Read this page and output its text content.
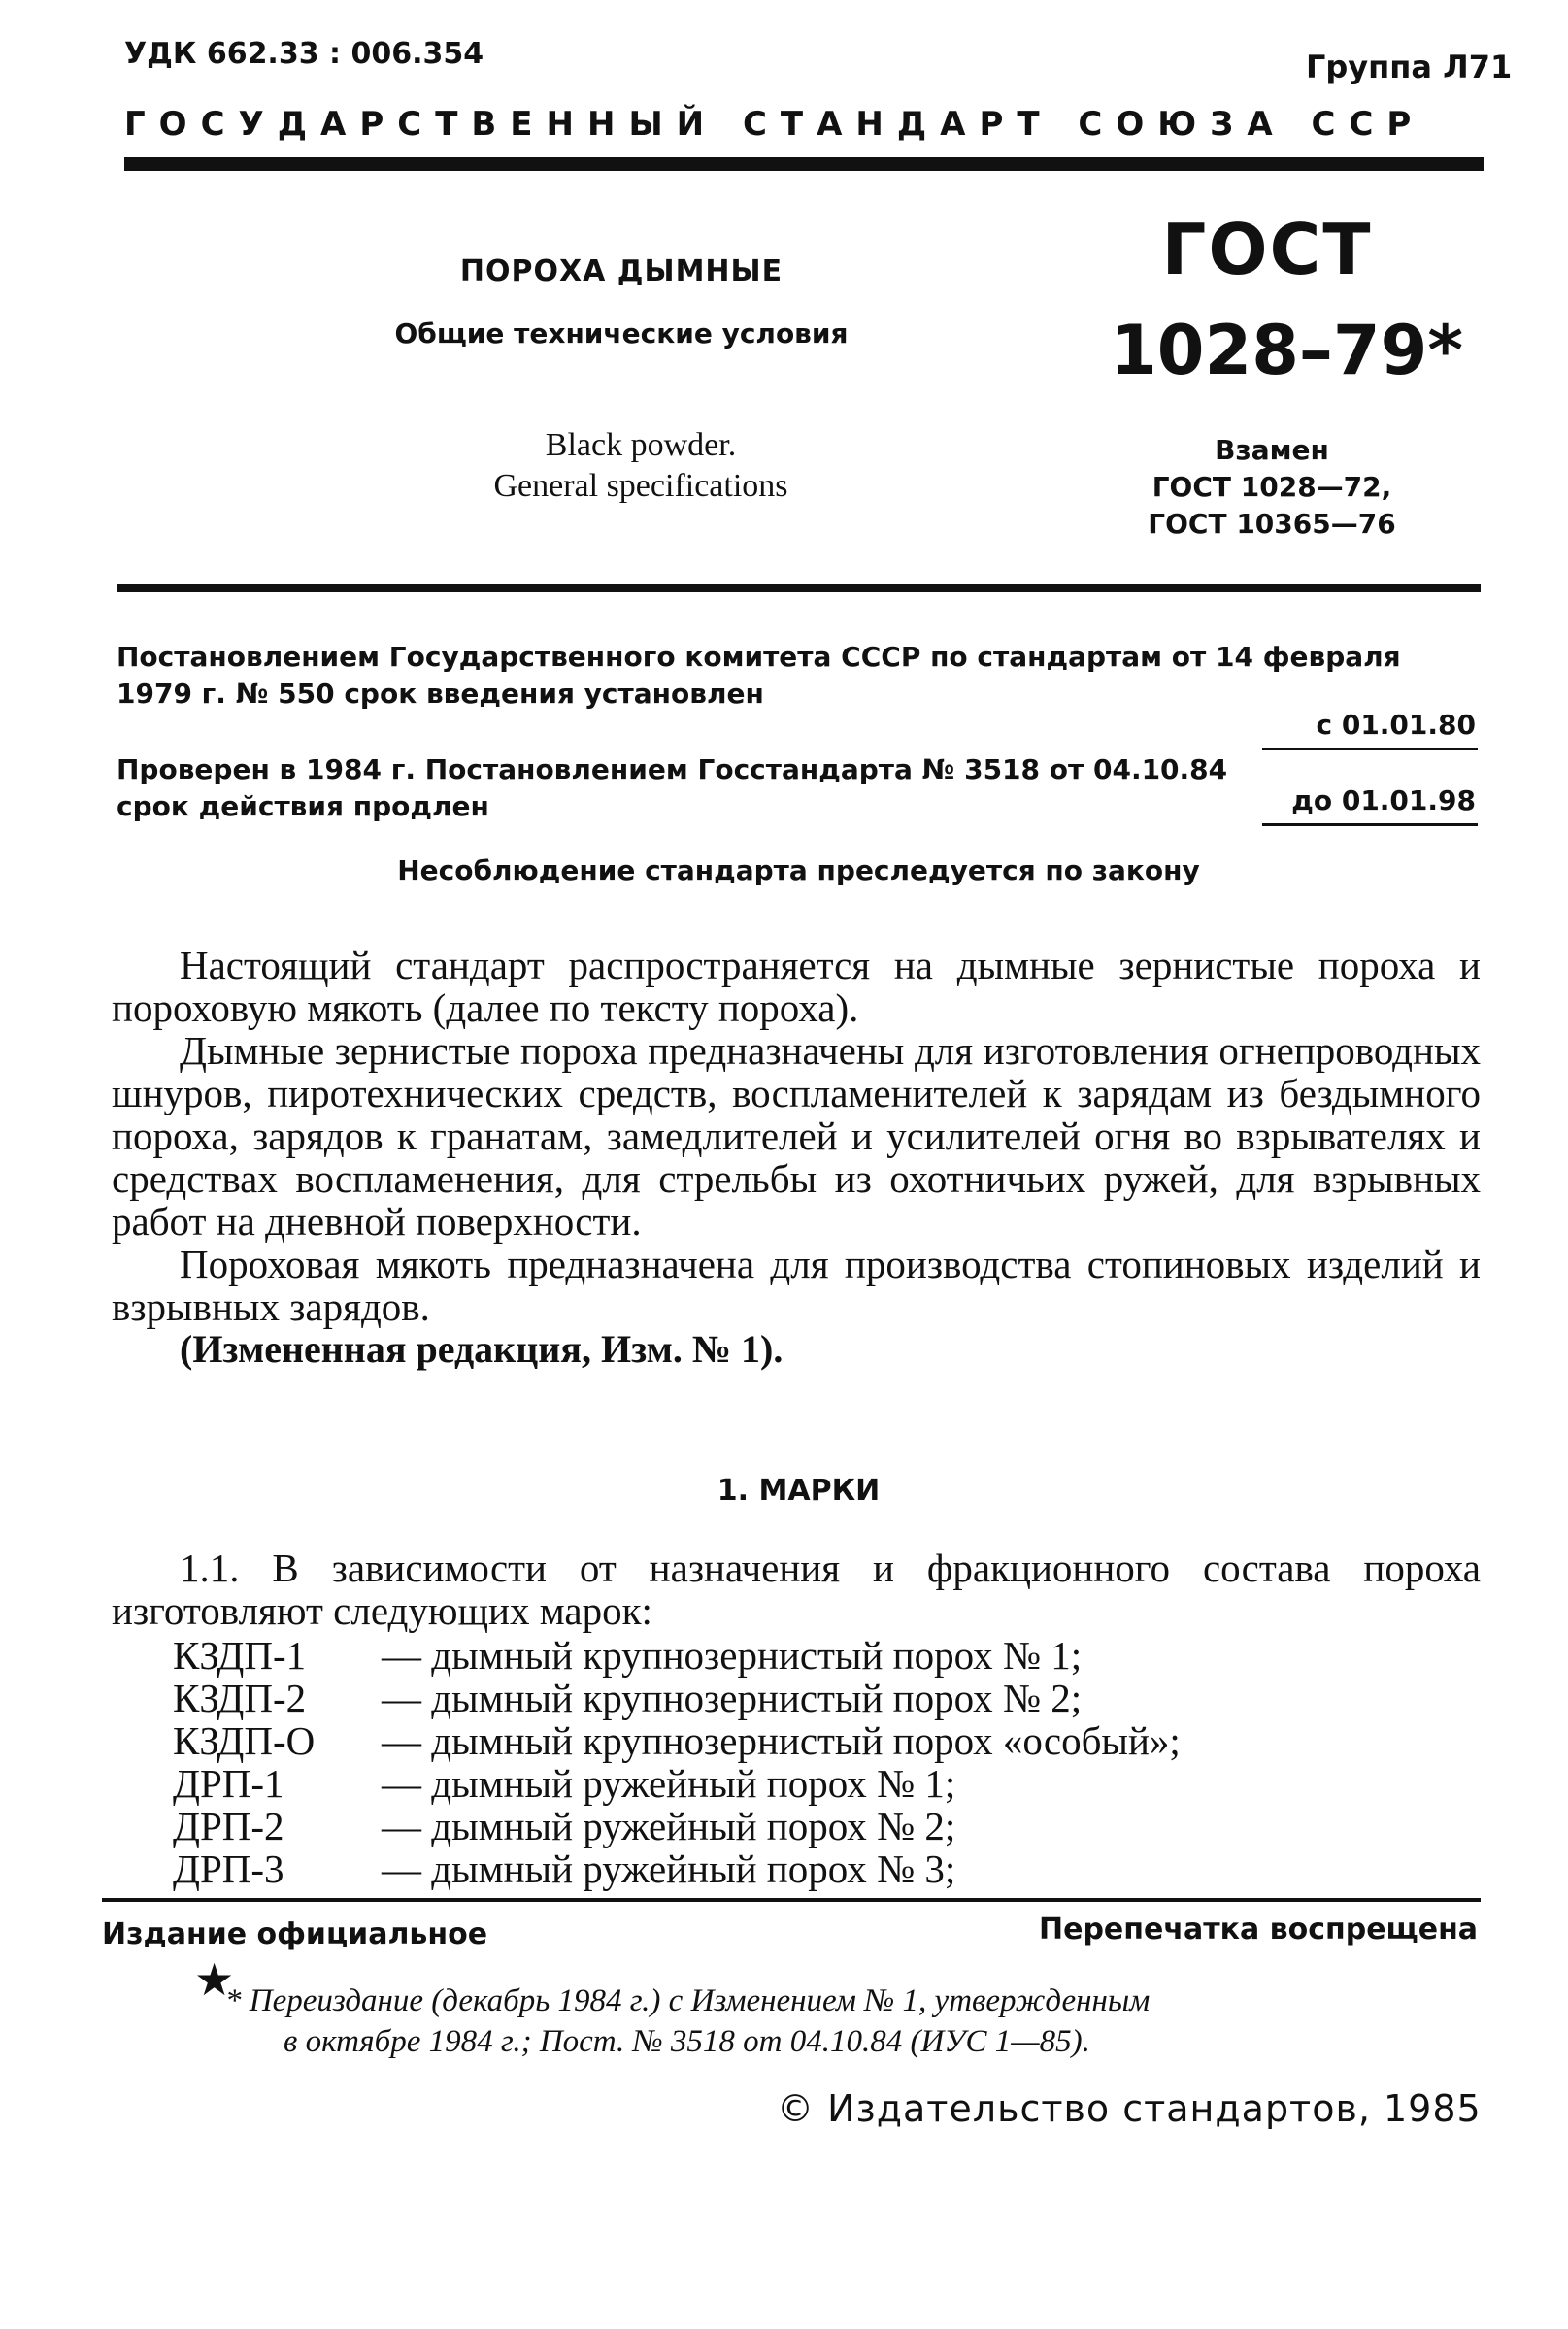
УДК 662.33 : 006.354	Группа Л71
ГОСУДАРСТВЕННЫЙ СТАНДАРТ СОЮЗА ССР
ПОРОХА ДЫМНЫЕ
Общие технические условия
Black powder.
General specifications
ГОСТ
1028–79*
Взамен
ГОСТ 1028—72,
ГОСТ 10365—76
Постановлением Государственного комитета СССР по стандартам от 14 февраля 1979 г. № 550 срок введения установлен
с 01.01.80
Проверен в 1984 г. Постановлением Госстандарта № 3518 от 04.10.84 срок действия продлен	до 01.01.98
Несоблюдение стандарта преследуется по закону
Настоящий стандарт распространяется на дымные зернистые пороха и пороховую мякоть (далее по тексту пороха).
Дымные зернистые пороха предназначены для изготовления огнепроводных шнуров, пиротехнических средств, воспламенителей к зарядам из бездымного пороха, зарядов к гранатам, замедлителей и усилителей огня во взрывателях и средствах воспламенения, для стрельбы из охотничьих ружей, для взрывных работ на дневной поверхности.
Пороховая мякоть предназначена для производства стопиновых изделий и взрывных зарядов.
(Измененная редакция, Изм. № 1).
1. МАРКИ
1.1. В зависимости от назначения и фракционного состава пороха изготовляют следующих марок:
КЗДП-1	— дымный крупнозернистый порох № 1;
КЗДП-2	— дымный крупнозернистый порох № 2;
КЗДП-О	— дымный крупнозернистый порох «особый»;
ДРП-1	— дымный ружейный порох № 1;
ДРП-2	— дымный ружейный порох № 2;
ДРП-3	— дымный ружейный порох № 3;
Издание официальное	Перепечатка воспрещена
★
* Переиздание (декабрь 1984 г.) с Изменением № 1, утвержденным
в октябре 1984 г.; Пост. № 3518 от 04.10.84 (ИУС 1—85).
© Издательство стандартов, 1985
